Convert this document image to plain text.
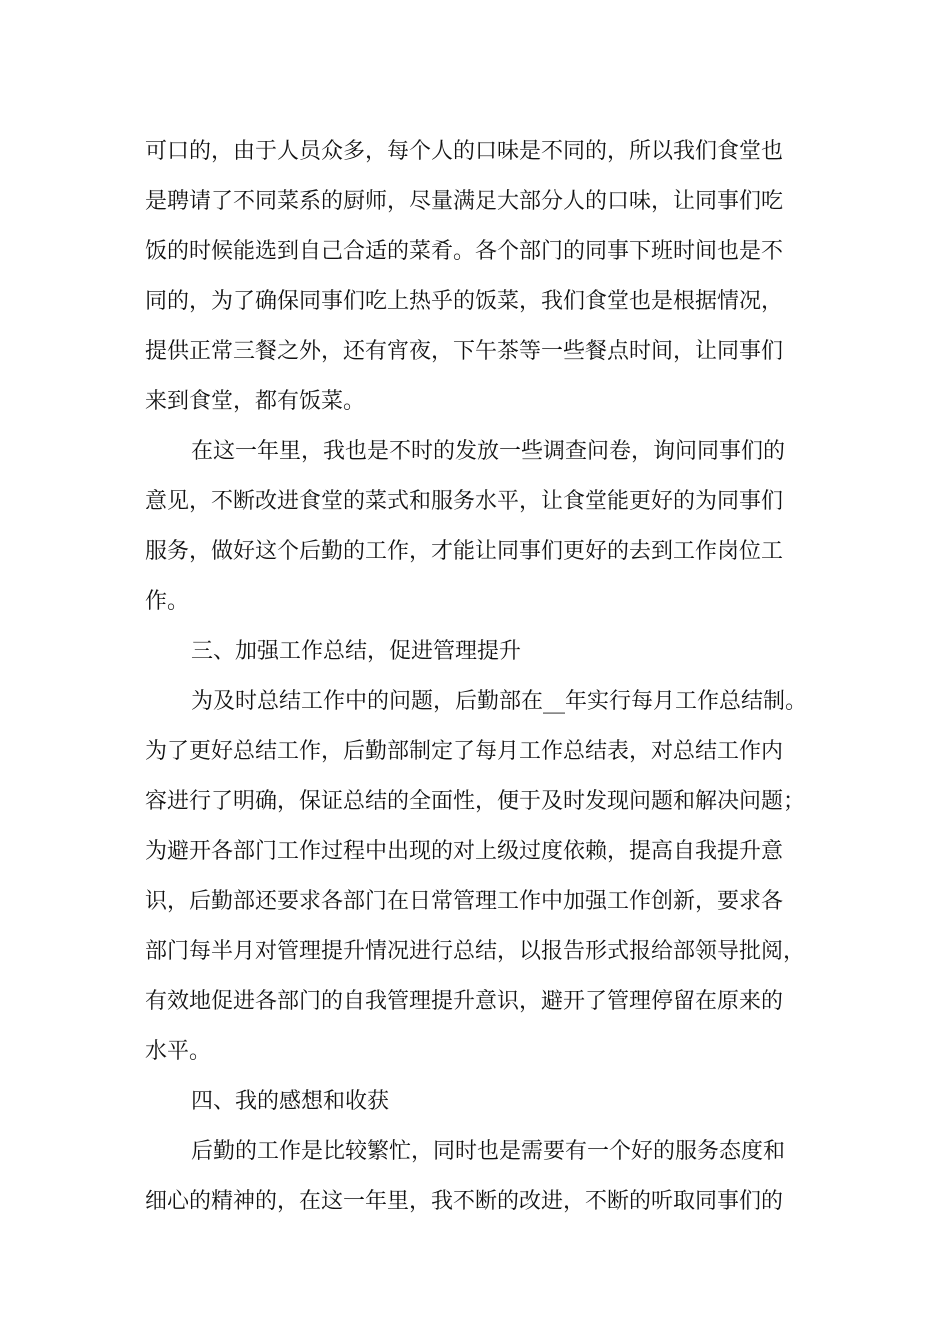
可口的，由于人员众多，每个人的口味是不同的，所以我们食堂也
是聘请了不同菜系的厨师，尽量满足大部分人的口味，让同事们吃
饭的时候能选到自己合适的菜肴。各个部门的同事下班时间也是不
同的，为了确保同事们吃上热乎的饭菜，我们食堂也是根据情况，
提供正常三餐之外，还有宵夜，下午茶等一些餐点时间，让同事们
来到食堂，都有饭菜。
在这一年里，我也是不时的发放一些调查问卷，询问同事们的
意见，不断改进食堂的菜式和服务水平，让食堂能更好的为同事们
服务，做好这个后勤的工作，才能让同事们更好的去到工作岗位工
作。
三、加强工作总结，促进管理提升
为及时总结工作中的问题，后勤部在__年实行每月工作总结制。
为了更好总结工作，后勤部制定了每月工作总结表，对总结工作内
容进行了明确，保证总结的全面性，便于及时发现问题和解决问题；
为避开各部门工作过程中出现的对上级过度依赖，提高自我提升意
识，后勤部还要求各部门在日常管理工作中加强工作创新，要求各
部门每半月对管理提升情况进行总结，以报告形式报给部领导批阅，
有效地促进各部门的自我管理提升意识，避开了管理停留在原来的
水平。
四、我的感想和收获
后勤的工作是比较繁忙，同时也是需要有一个好的服务态度和
细心的精神的，在这一年里，我不断的改进，不断的听取同事们的
